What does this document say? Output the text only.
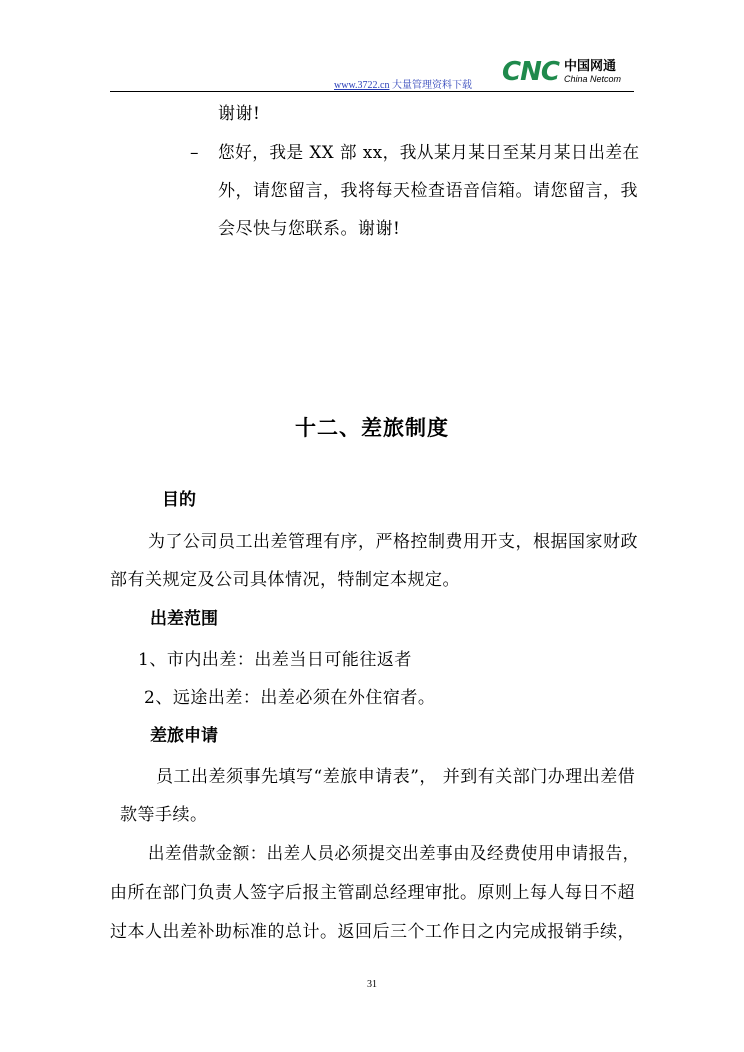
www.3722.cn 大量管理资料下载 CNC 中国网通
China Netcom
谢谢!
– 您好，我是 XX 部 xx，我从某月某日至某月某日出差在
外，请您留言，我将每天检查语音信箱。请您留言，我
会尽快与您联系。谢谢!
十二、差旅制度
目的
为了公司员工出差管理有序，严格控制费用开支，根据国家财政
部有关规定及公司具体情况，特制定本规定。
出差范围
1、市内出差：出差当日可能往返者
2、远途出差：出差必须在外住宿者。
差旅申请
员工出差须事先填写“差旅申请表”， 并到有关部门办理出差借
款等手续。
出差借款金额：出差人员必须提交出差事由及经费使用申请报告，
由所在部门负责人签字后报主管副总经理审批。原则上每人每日不超
过本人出差补助标准的总计。返回后三个工作日之内完成报销手续，
31
